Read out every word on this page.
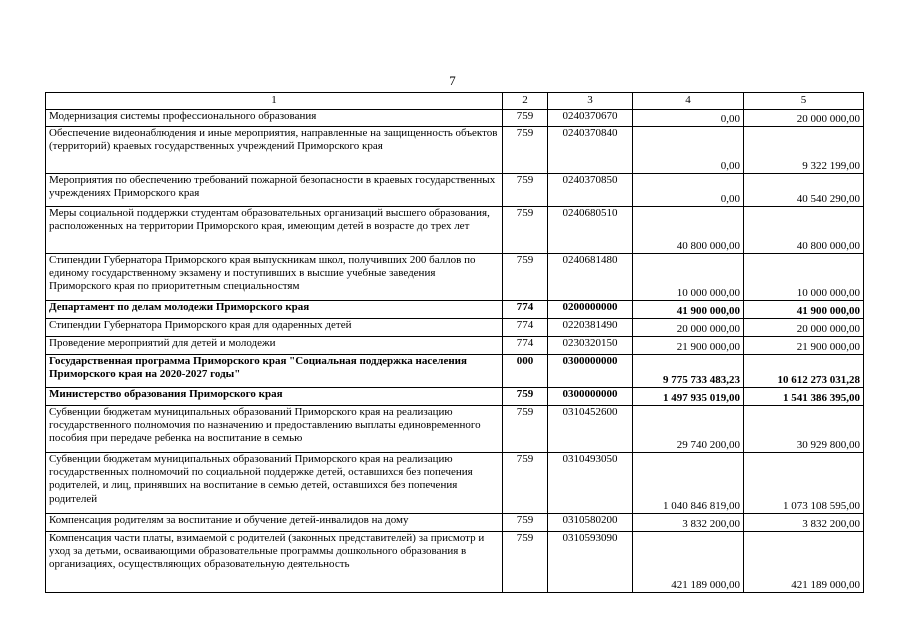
7
1	2	3	4	5
Модернизация системы профессионального образования	759	0240370670	0,00	20 000 000,00
Обеспечение видеонаблюдения и иные мероприятия, направленные на защищенность объектов (территорий) краевых государственных учреждений Приморского края	759	0240370840	0,00	9 322 199,00
Мероприятия по обеспечению требований пожарной безопасности в краевых государственных учреждениях Приморского края	759	0240370850	0,00	40 540 290,00
Меры социальной поддержки студентам образовательных организаций высшего образования, расположенных на территории Приморского края, имеющим детей в возрасте до трех лет	759	0240680510	40 800 000,00	40 800 000,00
Стипендии Губернатора Приморского края выпускникам школ, получивших 200 баллов по единому государственному экзамену и поступивших в высшие учебные заведения Приморского края по приоритетным специальностям	759	0240681480	10 000 000,00	10 000 000,00
Департамент по делам молодежи Приморского края	774	0200000000	41 900 000,00	41 900 000,00
Стипендии Губернатора Приморского края для одаренных детей	774	0220381490	20 000 000,00	20 000 000,00
Проведение мероприятий для детей и молодежи	774	0230320150	21 900 000,00	21 900 000,00
Государственная программа Приморского края "Социальная поддержка населения Приморского края на 2020-2027 годы"	000	0300000000	9 775 733 483,23	10 612 273 031,28
Министерство образования Приморского края	759	0300000000	1 497 935 019,00	1 541 386 395,00
Субвенции бюджетам муниципальных образований Приморского края на реализацию государственного полномочия по назначению и предоставлению выплаты единовременного пособия при передаче ребенка на воспитание в семью	759	0310452600	29 740 200,00	30 929 800,00
Субвенции бюджетам муниципальных образований Приморского края на реализацию государственных полномочий по социальной поддержке детей, оставшихся без попечения родителей, и лиц, принявших на воспитание в семью детей, оставшихся без попечения родителей	759	0310493050	1 040 846 819,00	1 073 108 595,00
Компенсация родителям за воспитание и обучение детей-инвалидов на дому	759	0310580200	3 832 200,00	3 832 200,00
Компенсация части платы, взимаемой с родителей (законных представителей) за присмотр и уход за детьми, осваивающими образовательные программы дошкольного образования в организациях, осуществляющих образовательную деятельность	759	0310593090	421 189 000,00	421 189 000,00
